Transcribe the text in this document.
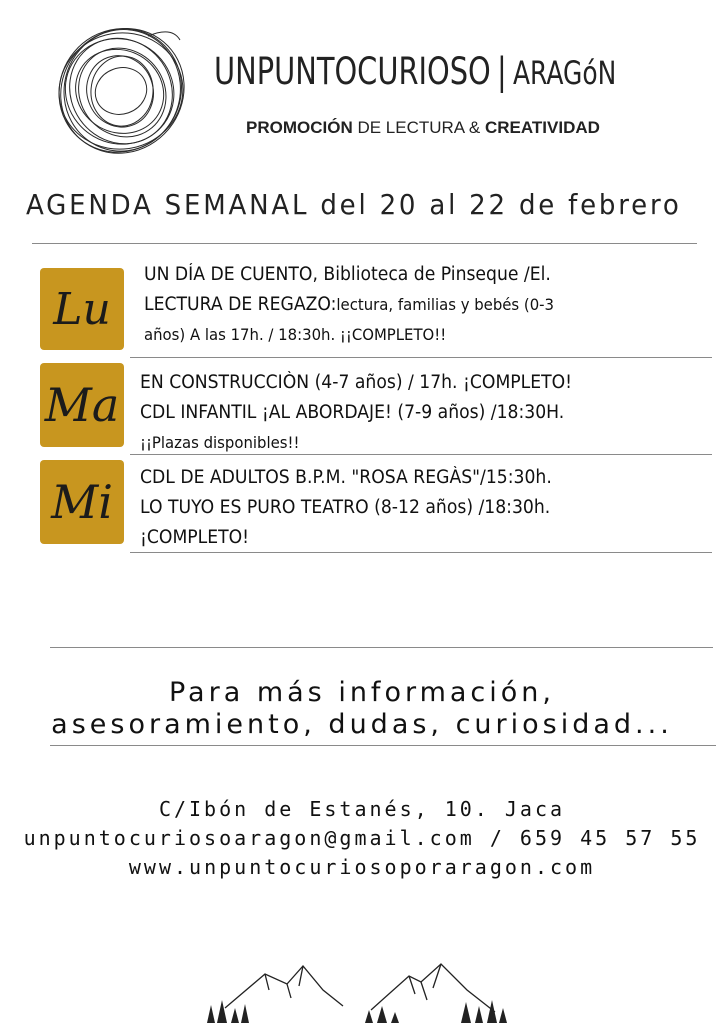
UNPUNTOCURIOSO | ARAGóN
PROMOCIÓN DE LECTURA & CREATIVIDAD
AGENDA SEMANAL del 20 al 22 de febrero
Lu
UN DÍA DE CUENTO, Biblioteca de Pinseque /El.
LECTURA DE REGAZO:lectura, familias y bebés (0-3
años) A las 17h. / 18:30h. ¡¡COMPLETO!!
Ma EN CONSTRUCCIÒN (4-7 años) / 17h. ¡COMPLETO!
CDL INFANTIL ¡AL ABORDAJE! (7-9 años) /18:30H.
¡¡Plazas disponibles!!
Mi CDL DE ADULTOS B.P.M. "ROSA REGÀS"/15:30h.
LO TUYO ES PURO TEATRO (8-12 años) /18:30h.
¡COMPLETO!
Para más información,
asesoramiento, dudas, curiosidad...
C/Ibón de Estanés, 10. Jaca
unpuntocuriosoaragon@gmail.com / 659 45 57 55
www.unpuntocuriosoporaragon.com
